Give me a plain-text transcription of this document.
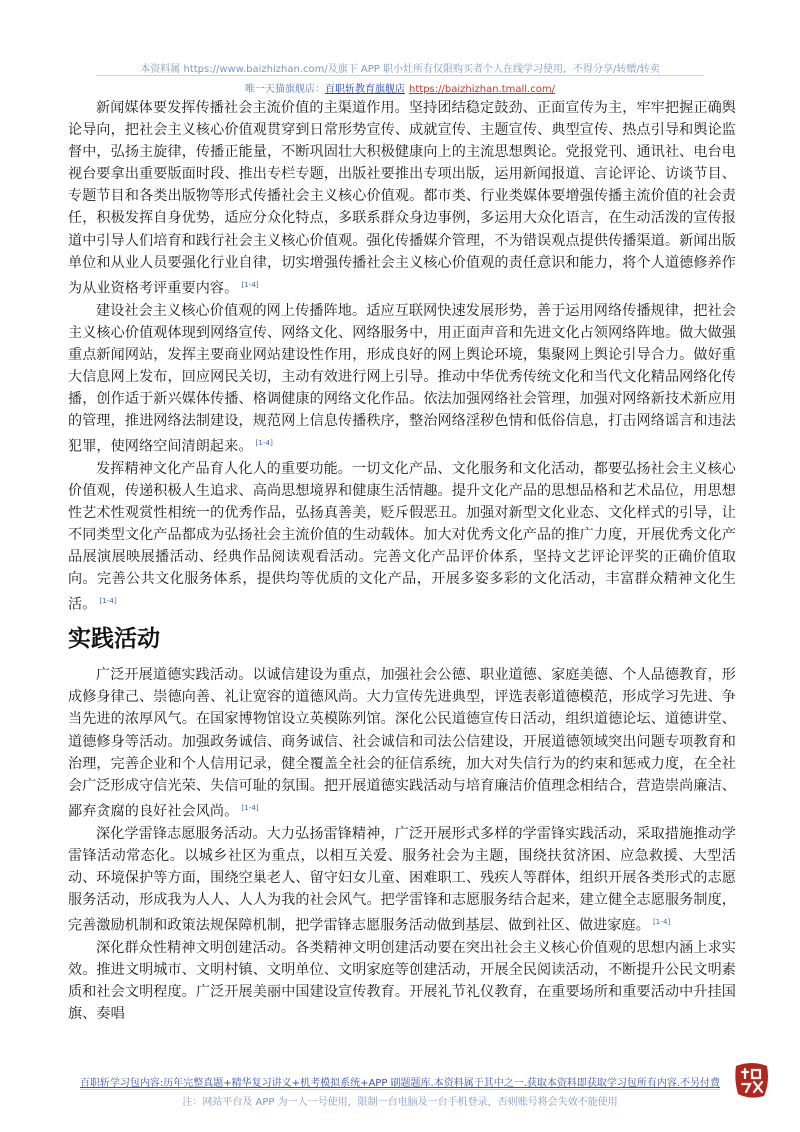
本资料属 https://www.baizhizhan.com/及旗下 APP 职小灶所有仅限购买者个人在线学习使用，不得分享/转赠/转卖
唯一天猫旗舰店：百职斩教育旗舰店 https://baizhizhan.tmall.com/

新闻媒体要发挥传播社会主流价值的主渠道作用。坚持团结稳定鼓劲、正面宣传为主，牢牢把握正确舆论导向，把社会主义核心价值观贯穿到日常形势宣传、成就宣传、主题宣传、典型宣传、热点引导和舆论监督中，弘扬主旋律，传播正能量，不断巩固壮大积极健康向上的主流思想舆论。党报党刊、通讯社、电台电视台要拿出重要版面时段、推出专栏专题，出版社要推出专项出版，运用新闻报道、言论评论、访谈节目、专题节目和各类出版物等形式传播社会主义核心价值观。都市类、行业类媒体要增强传播主流价值的社会责任，积极发挥自身优势，适应分众化特点，多联系群众身边事例，多运用大众化语言，在生动活泼的宣传报道中引导人们培育和践行社会主义核心价值观。强化传播媒介管理，不为错误观点提供传播渠道。新闻出版单位和从业人员要强化行业自律，切实增强传播社会主义核心价值观的责任意识和能力，将个人道德修养作为从业资格考评重要内容。 [1-4]

建设社会主义核心价值观的网上传播阵地。适应互联网快速发展形势，善于运用网络传播规律，把社会主义核心价值观体现到网络宣传、网络文化、网络服务中，用正面声音和先进文化占领网络阵地。做大做强重点新闻网站，发挥主要商业网站建设性作用，形成良好的网上舆论环境，集聚网上舆论引导合力。做好重大信息网上发布，回应网民关切，主动有效进行网上引导。推动中华优秀传统文化和当代文化精品网络化传播，创作适于新兴媒体传播、格调健康的网络文化作品。依法加强网络社会管理，加强对网络新技术新应用的管理，推进网络法制建设，规范网上信息传播秩序，整治网络淫秽色情和低俗信息，打击网络谣言和违法犯罪，使网络空间清朗起来。 [1-4]

发挥精神文化产品育人化人的重要功能。一切文化产品、文化服务和文化活动，都要弘扬社会主义核心价值观，传递积极人生追求、高尚思想境界和健康生活情趣。提升文化产品的思想品格和艺术品位，用思想性艺术性观赏性相统一的优秀作品，弘扬真善美，贬斥假恶丑。加强对新型文化业态、文化样式的引导，让不同类型文化产品都成为弘扬社会主流价值的生动载体。加大对优秀文化产品的推广力度，开展优秀文化产品展演展映展播活动、经典作品阅读观看活动。完善文化产品评价体系，坚持文艺评论评奖的正确价值取向。完善公共文化服务体系，提供均等优质的文化产品，开展多姿多彩的文化活动，丰富群众精神文化生活。 [1-4]

实践活动

广泛开展道德实践活动。以诚信建设为重点，加强社会公德、职业道德、家庭美德、个人品德教育，形成修身律己、崇德向善、礼让宽容的道德风尚。大力宣传先进典型，评选表彰道德模范，形成学习先进、争当先进的浓厚风气。在国家博物馆设立英模陈列馆。深化公民道德宣传日活动，组织道德论坛、道德讲堂、道德修身等活动。加强政务诚信、商务诚信、社会诚信和司法公信建设，开展道德领域突出问题专项教育和治理，完善企业和个人信用记录，健全覆盖全社会的征信系统，加大对失信行为的约束和惩戒力度，在全社会广泛形成守信光荣、失信可耻的氛围。把开展道德实践活动与培育廉洁价值理念相结合，营造崇尚廉洁、鄙弃贪腐的良好社会风尚。 [1-4]

深化学雷锋志愿服务活动。大力弘扬雷锋精神，广泛开展形式多样的学雷锋实践活动，采取措施推动学雷锋活动常态化。以城乡社区为重点，以相互关爱、服务社会为主题，围绕扶贫济困、应急救援、大型活动、环境保护等方面，围绕空巢老人、留守妇女儿童、困难职工、残疾人等群体，组织开展各类形式的志愿服务活动，形成我为人人、人人为我的社会风气。把学雷锋和志愿服务结合起来，建立健全志愿服务制度，完善激励机制和政策法规保障机制，把学雷锋志愿服务活动做到基层、做到社区、做进家庭。 [1-4]

深化群众性精神文明创建活动。各类精神文明创建活动要在突出社会主义核心价值观的思想内涵上求实效。推进文明城市、文明村镇、文明单位、文明家庭等创建活动，开展全民阅读活动，不断提升公民文明素质和社会文明程度。广泛开展美丽中国建设宣传教育。开展礼节礼仪教育，在重要场所和重要活动中升挂国旗、奏唱

百职斩学习包内容:历年完整真题+精华复习讲义+机考模拟系统+APP 刷题题库.本资料属于其中之一.获取本资料即获取学习包所有内容.不另付费
注：网站平台及 APP 为一人一号使用，限制一台电脑及一台手机登录，否则账号将会失效不能使用
